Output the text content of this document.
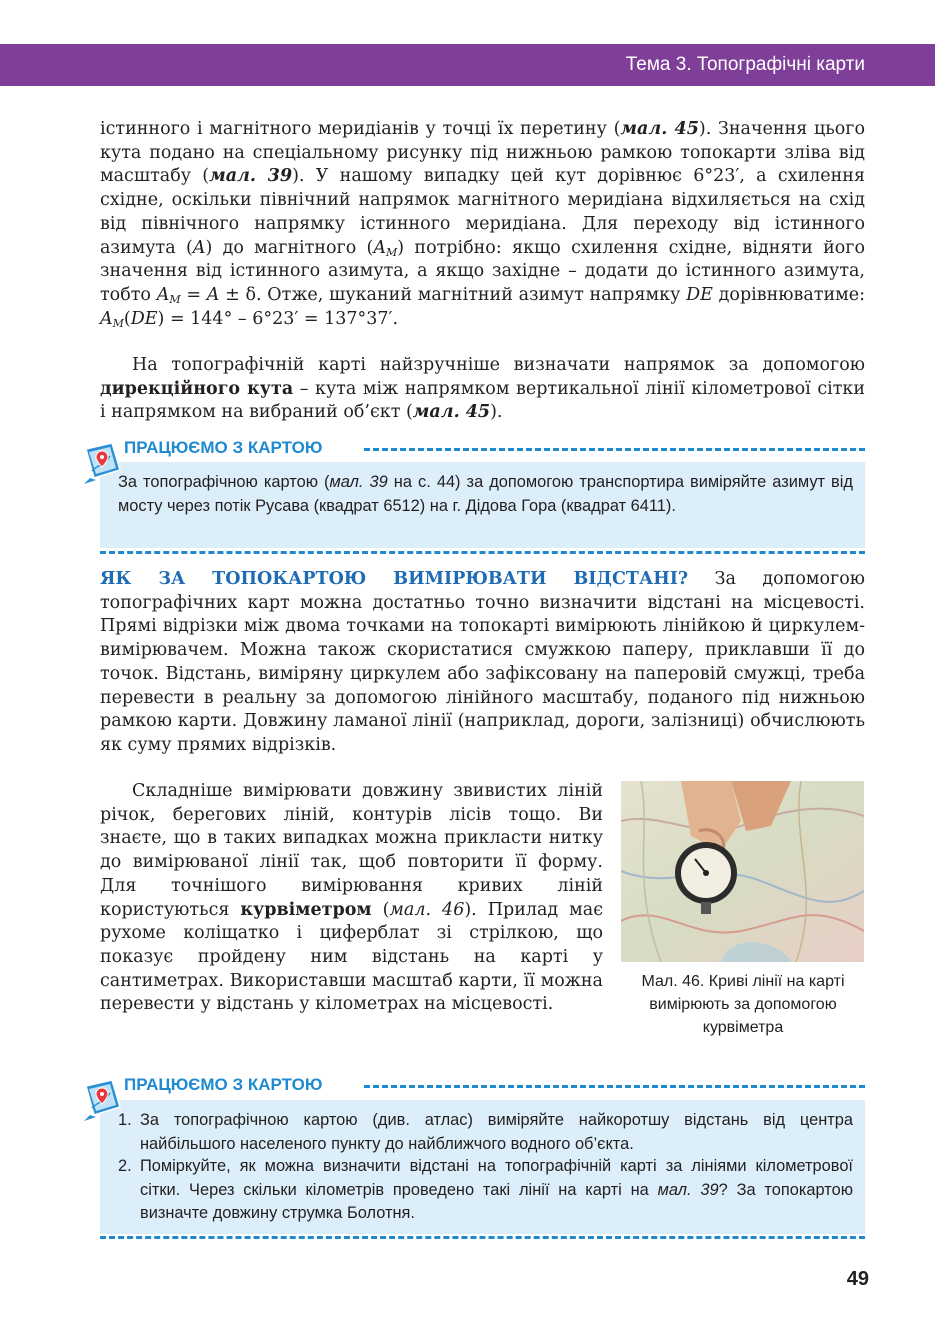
Тема 3. Топографічні карти

істинного і магнітного меридіанів у точці їх перетину (мал. 45). Значення цього кута подано на спеціальному рисунку під нижньою рамкою топокарти зліва від масштабу (мал. 39). У нашому випадку цей кут дорівнює 6°23′, а схилення східне, оскільки північний напрямок магнітного меридіана відхиляється на схід від північного напрямку істинного меридіана. Для переходу від істинного азимута (A) до магнітного $(A_M)$ потрібно: якщо схилення східне, відняти його значення від істинного азимута, а якщо західне – додати до істинного азимута, тобто $A_M = A \pm \delta$. Отже, шуканий магнітний азимут напрямку DE дорівнюватиме: $A_M(DE) = 144^\circ - 6^\circ 23' = 137^\circ 37'$.

На топографічній карті найзручніше визначати напрямок за допомогою дирекційного кута – кута між напрямком вертикальної лінії кілометрової сітки і напрямком на вибраний об’єкт (мал. 45).

ПРАЦЮЄМО З КАРТОЮ

За топографічною картою (мал. 39 на с. 44) за допомогою транспортира виміряйте азимут від мосту через потік Русава (квадрат 6512) на г. Дідова Гора (квадрат 6411).

ЯК ЗА ТОПОКАРТОЮ ВИМІРЮВАТИ ВІДСТАНІ? За допомогою топографічних карт можна достатньо точно визначити відстані на місцевості. Прямі відрізки між двома точками на топокарті вимірюють лінійкою й циркулем-вимірювачем. Можна також скористатися смужкою паперу, приклавши її до точок. Відстань, виміряну циркулем або зафіксовану на паперовій смужці, треба перевести в реальну за допомогою лінійного масштабу, поданого під нижньою рамкою карти. Довжину ламаної лінії (наприклад, дороги, залізниці) обчислюють як суму прямих відрізків.

Складніше вимірювати довжину звивистих ліній річок, берегових ліній, контурів лісів тощо. Ви знаєте, що в таких випадках можна прикласти нитку до вимірюваної лінії так, щоб повторити її форму. Для точнішого вимірювання кривих ліній користуються курвіметром (мал. 46). Прилад має рухоме коліщатко і циферблат зі стрілкою, що показує пройдену ним відстань на карті у сантиметрах. Використавши масштаб карти, її можна перевести у відстань у кілометрах на місцевості.

Мал. 46. Криві лінії на карті вимірюють за допомогою курвіметра
ПРАЦЮЄМО З КАРТОЮ
1. За топографічною картою (див. атлас) виміряйте найкоротшу відстань від центра найбільшого населеного пункту до найближчого водного об’єкта.
2. Поміркуйте, як можна визначити відстані на топографічній карті за лініями кілометрової сітки. Через скільки кілометрів проведено такі лінії на карті на мал. 39? За топокартою визначте довжину струмка Болотня.
49
